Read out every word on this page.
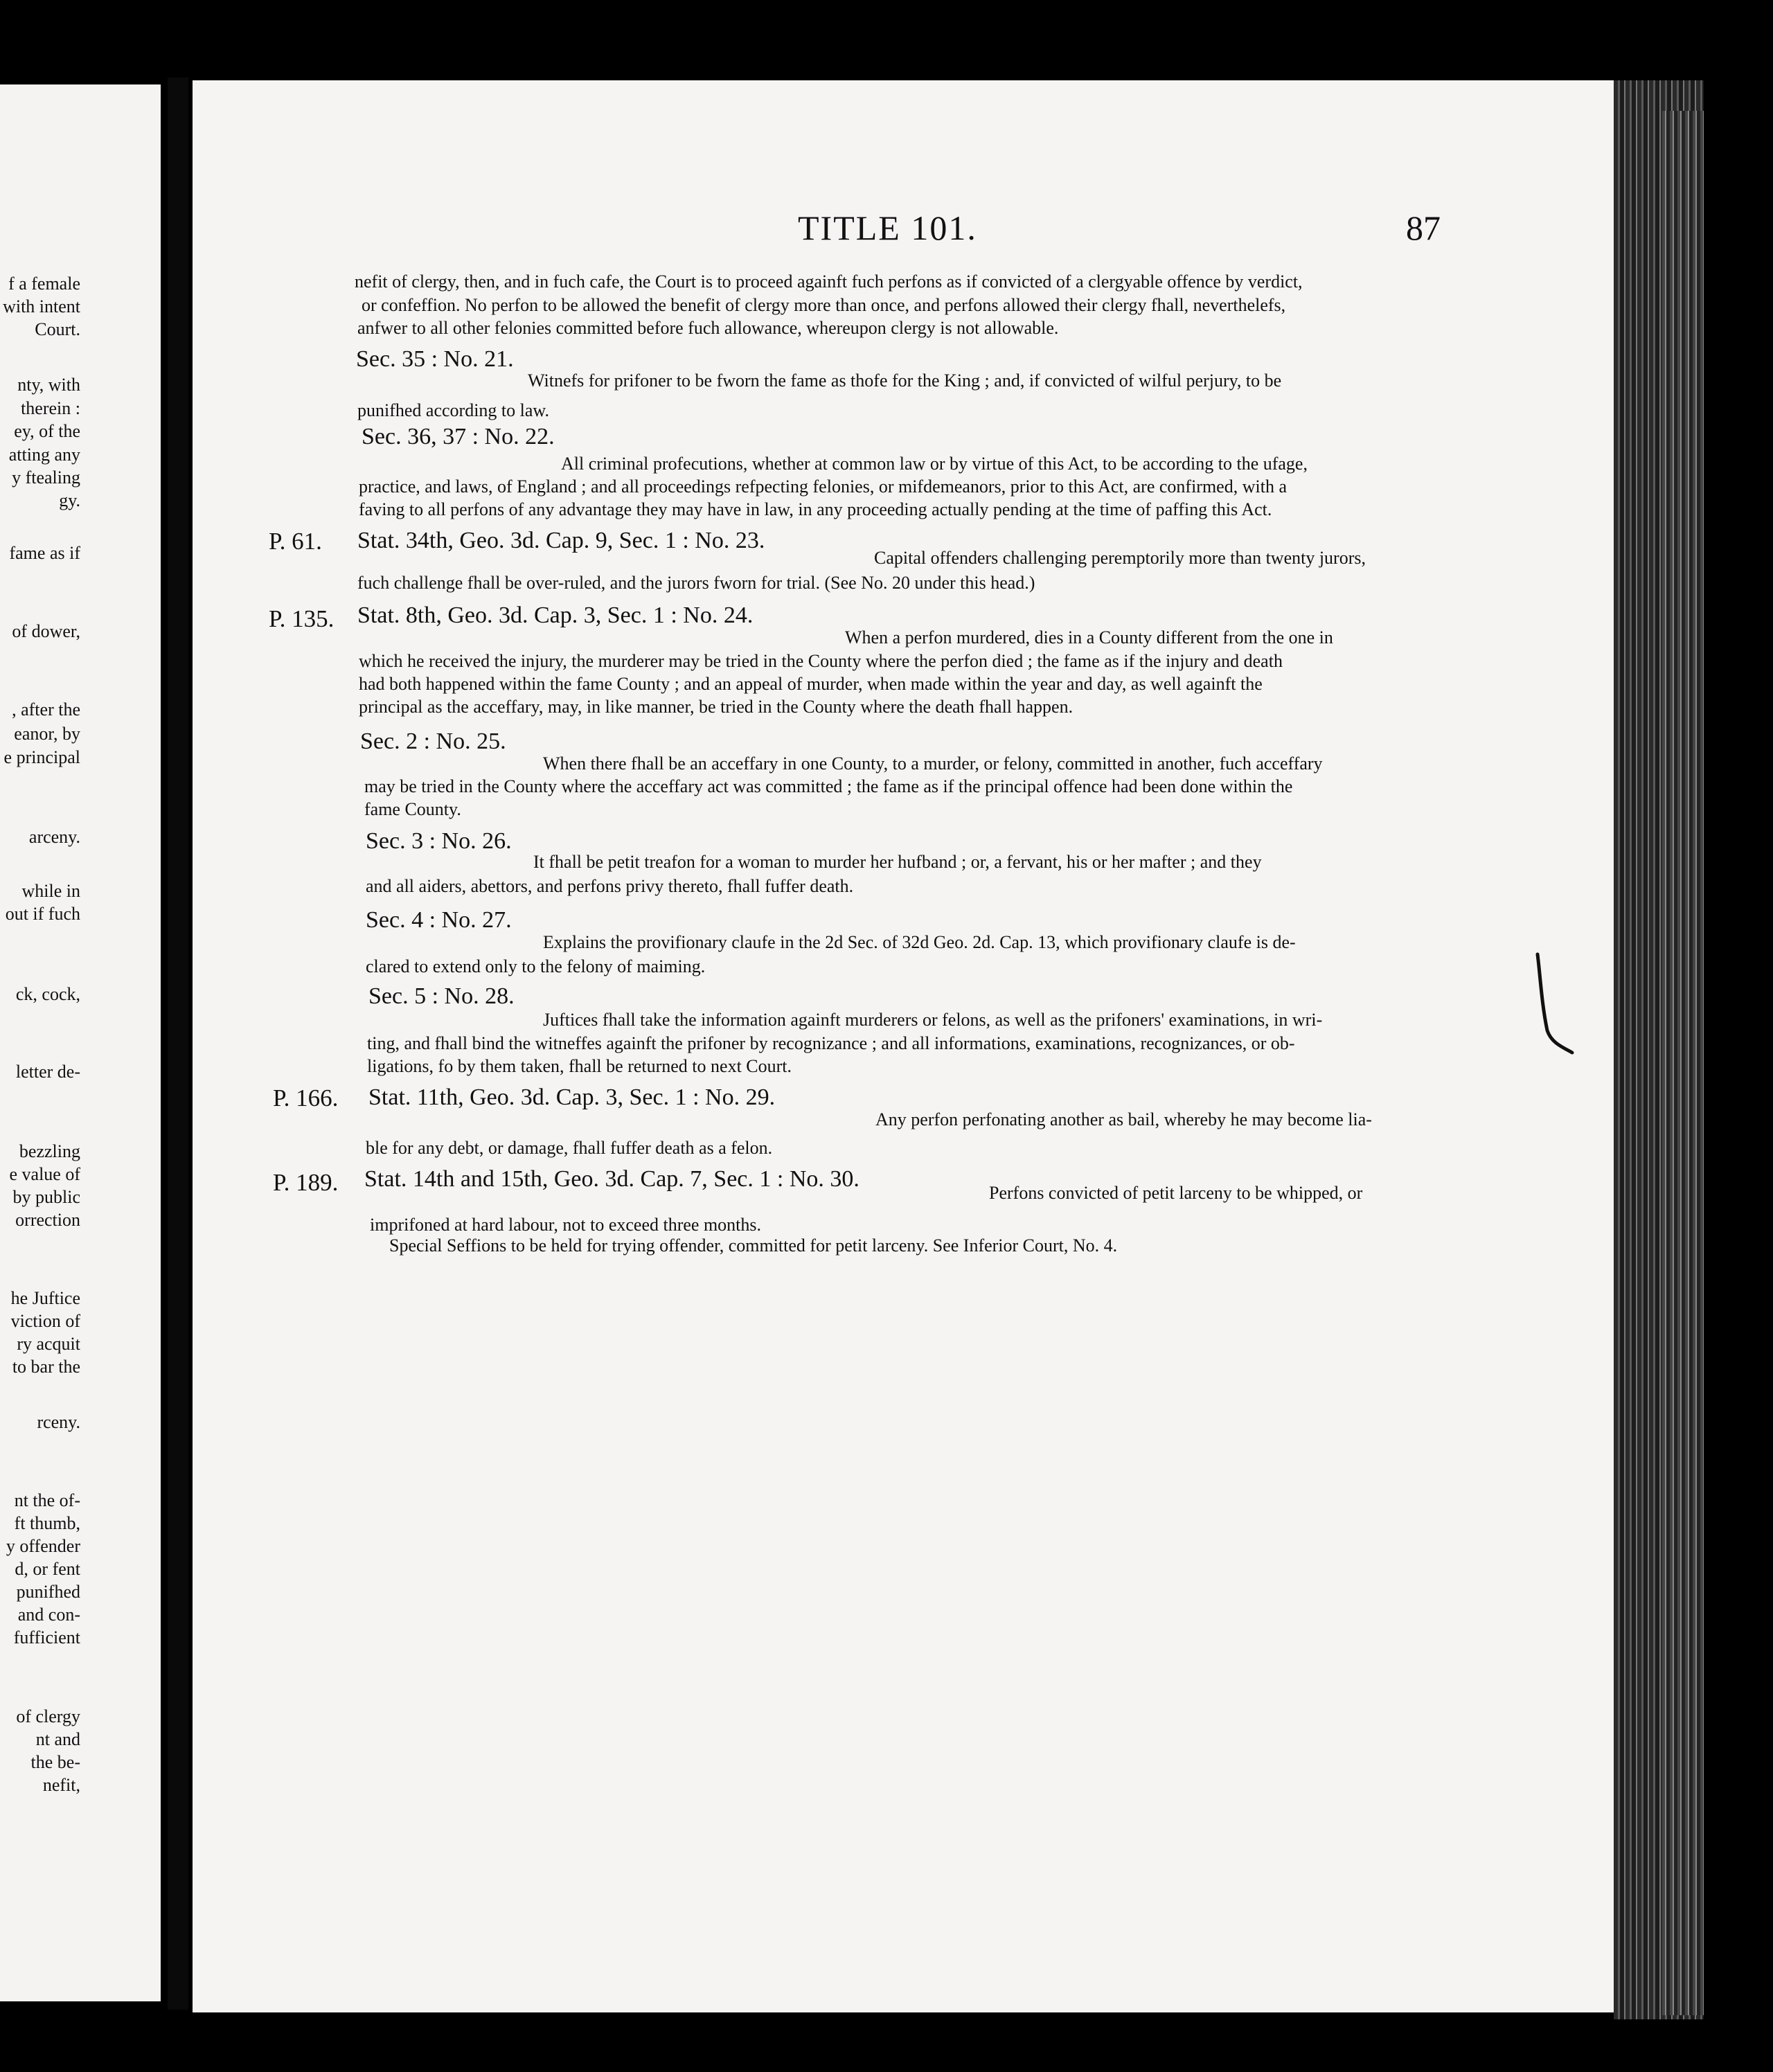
f a female
with intent
Court.
nty, with
therein :
ey, of the
atting any
y ftealing
gy.
fame as if
of dower,
, after the
eanor, by
e principal
arceny.
while in
out if fuch
ck, cock,
letter de-
bezzling
e value of
by public
orrection
he Juftice
viction of
ry acquit
to bar the
rceny.
nt the of-
ft thumb,
y offender
d, or fent
punifhed
and con-
fufficient
of clergy
nt and
the be-
nefit,
TITLE 101.	87
nefit of clergy, then, and in fuch cafe, the Court is to proceed againft fuch perfons as if convicted of a clergyable offence by verdict,
or confeffion. No perfon to be allowed the benefit of clergy more than once, and perfons allowed their clergy fhall, neverthelefs,
anfwer to all other felonies committed before fuch allowance, whereupon clergy is not allowable.
Sec. 35 : No. 21.
Witnefs for prifoner to be fworn the fame as thofe for the King ; and, if convicted of wilful perjury, to be
punifhed according to law.
Sec. 36, 37 : No. 22.
All criminal profecutions, whether at common law or by virtue of this Act, to be according to the ufage,
practice, and laws, of England ; and all proceedings refpecting felonies, or mifdemeanors, prior to this Act, are confirmed, with a
faving to all perfons of any advantage they may have in law, in any proceeding actually pending at the time of paffing this Act.
P. 61. Stat. 34th, Geo. 3d. Cap. 9, Sec. 1 : No. 23.
Capital offenders challenging peremptorily more than twenty jurors,
fuch challenge fhall be over-ruled, and the jurors fworn for trial. (See No. 20 under this head.)
P. 135. Stat. 8th, Geo. 3d. Cap. 3, Sec. 1 : No. 24.
When a perfon murdered, dies in a County different from the one in
which he received the injury, the murderer may be tried in the County where the perfon died ; the fame as if the injury and death
had both happened within the fame County ; and an appeal of murder, when made within the year and day, as well againft the
principal as the acceffary, may, in like manner, be tried in the County where the death fhall happen.
Sec. 2 : No. 25.
When there fhall be an acceffary in one County, to a murder, or felony, committed in another, fuch acceffary
may be tried in the County where the acceffary act was committed ; the fame as if the principal offence had been done within the
fame County.
Sec. 3 : No. 26.
It fhall be petit treafon for a woman to murder her hufband ; or, a fervant, his or her mafter ; and they
and all aiders, abettors, and perfons privy thereto, fhall fuffer death.
Sec. 4 : No. 27.
Explains the provifionary claufe in the 2d Sec. of 32d Geo. 2d. Cap. 13, which provifionary claufe is de-
clared to extend only to the felony of maiming.
Sec. 5 : No. 28.
Juftices fhall take the information againft murderers or felons, as well as the prifoners' examinations, in wri-
ting, and fhall bind the witneffes againft the prifoner by recognizance ; and all informations, examinations, recognizances, or ob-
ligations, fo by them taken, fhall be returned to next Court.
P. 166. Stat. 11th, Geo. 3d. Cap. 3, Sec. 1 : No. 29.
Any perfon perfonating another as bail, whereby he may become lia-
ble for any debt, or damage, fhall fuffer death as a felon.
P. 189. Stat. 14th and 15th, Geo. 3d. Cap. 7, Sec. 1 : No. 30.
Perfons convicted of petit larceny to be whipped, or
imprifoned at hard labour, not to exceed three months.
Special Seffions to be held for trying offender, committed for petit larceny. See Inferior Court, No. 4.
